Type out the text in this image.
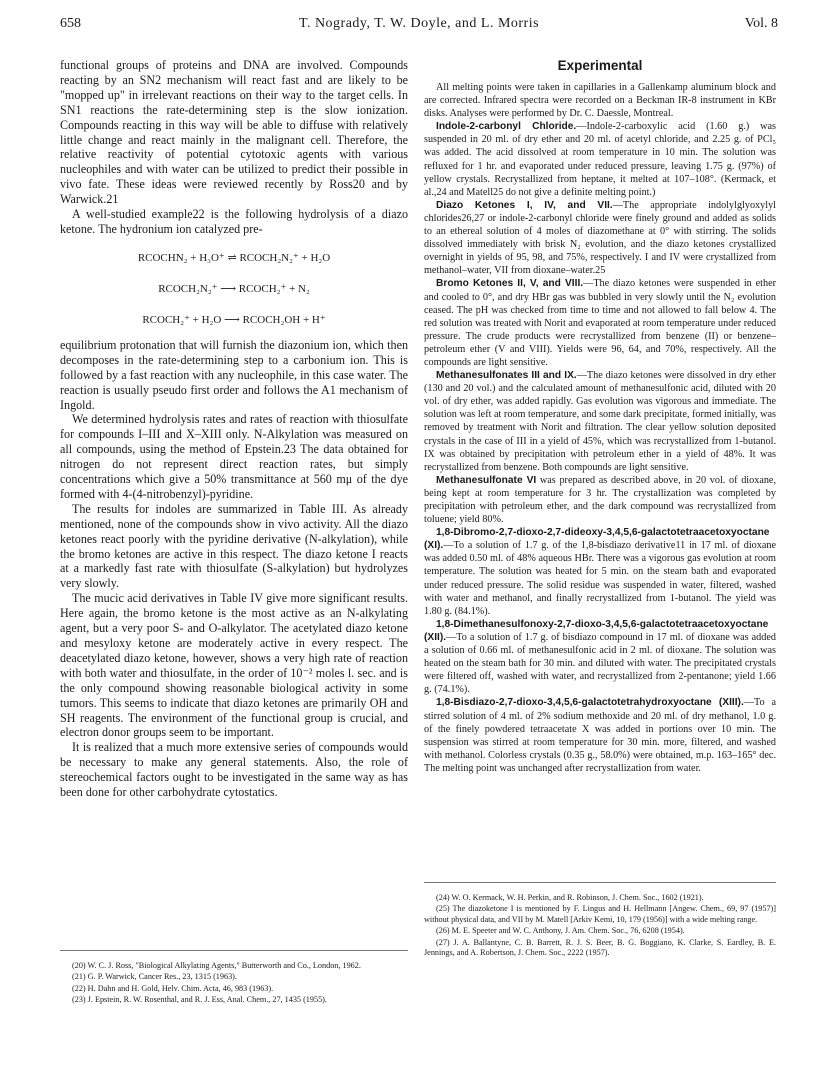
658	T. Nogrady, T. W. Doyle, and L. Morris	Vol. 8

functional groups of proteins and DNA are involved. Compounds reacting by an SN2 mechanism will react fast and are likely to be "mopped up" in irrelevant reactions on their way to the target cells. In SN1 reactions the rate-determining step is the slow ionization. Compounds reacting in this way will be able to diffuse with relatively little change and react mainly in the malignant cell. Therefore, the relative reactivity of potential cytotoxic agents with various nucleophiles and with water can be utilized to predict their possible in vivo fate. These ideas were reviewed recently by Ross20 and by Warwick.21

A well-studied example22 is the following hydrolysis of a diazo ketone. The hydronium ion catalyzed pre-

RCOCHN₂ + H₃O⁺ ⇌ RCOCH₂N₂⁺ + H₂O
RCOCH₂N₂⁺ ⟶ RCOCH₂⁺ + N₂
RCOCH₂⁺ + H₂O ⟶ RCOCH₂OH + H⁺

equilibrium protonation that will furnish the diazonium ion, which then decomposes in the rate-determining step to a carbonium ion. This is followed by a fast reaction with any nucleophile, in this case water. The reaction is usually pseudo first order and follows the A1 mechanism of Ingold.

We determined hydrolysis rates and rates of reaction with thiosulfate for compounds I–III and X–XIII only. N-Alkylation was measured on all compounds, using the method of Epstein.23 The data obtained for nitrogen do not represent direct reaction rates, but simply concentrations which give a 50% transmittance at 560 mμ of the dye formed with 4-(4-nitrobenzyl)-pyridine.

The results for indoles are summarized in Table III. As already mentioned, none of the compounds show in vivo activity. All the diazo ketones react poorly with the pyridine derivative (N-alkylation), while the bromo ketones are active in this respect. The diazo ketone I reacts at a markedly fast rate with thiosulfate (S-alkylation) but hydrolyzes very slowly.

The mucic acid derivatives in Table IV give more significant results. Here again, the bromo ketone is the most active as an N-alkylating agent, but a very poor S- and O-alkylator. The acetylated diazo ketone and mesyloxy ketone are moderately active in every respect. The deacetylated diazo ketone, however, shows a very high rate of reaction with both water and thiosulfate, in the order of 10⁻² moles l. sec. and is the only compound showing reasonable biological activity in some tumors. This seems to indicate that diazo ketones are primarily OH and SH reagents. The environment of the functional group is crucial, and electron donor groups seem to be important.

It is realized that a much more extensive series of compounds would be necessary to make any general statements. Also, the role of stereochemical factors ought to be investigated in the same way as has been done for other carbohydrate cytostatics.

(20) W. C. J. Ross, "Biological Alkylating Agents," Butterworth and Co., London, 1962.

(21) G. P. Warwick, Cancer Res., 23, 1315 (1963).

(22) H. Dahn and H. Gold, Helv. Chim. Acta, 46, 983 (1963).

(23) J. Epstein, R. W. Rosenthal, and R. J. Ess, Anal. Chem., 27, 1435 (1955).

Experimental

All melting points were taken in capillaries in a Gallenkamp aluminum block and are corrected. Infrared spectra were recorded on a Beckman IR-8 instrument in KBr disks. Analyses were performed by Dr. C. Daessle, Montreal.

Indole-2-carbonyl Chloride.—Indole-2-carboxylic acid (1.60 g.) was suspended in 20 ml. of dry ether and 20 ml. of acetyl chloride, and 2.25 g. of PCl₅ was added. The acid dissolved at room temperature in 10 min. The solution was refluxed for 1 hr. and evaporated under reduced pressure, leaving 1.75 g. (97%) of yellow crystals. Recrystallized from heptane, it melted at 107–108°. (Kermack, et al.,24 and Matell25 do not give a definite melting point.)

Diazo Ketones I, IV, and VII.—The appropriate indolylglyoxylyl chlorides26,27 or indole-2-carbonyl chloride were finely ground and added as solids to an ethereal solution of 4 moles of diazomethane at 0° with stirring. The solids dissolved immediately with brisk N₂ evolution, and the diazo ketones crystallized overnight in yields of 95, 98, and 75%, respectively. I and IV were crystallized from methanol–water, VII from dioxane–water.25

Bromo Ketones II, V, and VIII.—The diazo ketones were suspended in ether and cooled to 0°, and dry HBr gas was bubbled in very slowly until the N₂ evolution ceased. The pH was checked from time to time and not allowed to fall below 4. The red solution was treated with Norit and evaporated at room temperature under reduced pressure. The crude products were recrystallized from benzene (II) or benzene–petroleum ether (V and VIII). Yields were 96, 64, and 70%, respectively. All the compounds are light sensitive.

Methanesulfonates III and IX.—The diazo ketones were dissolved in dry ether (130 and 20 vol.) and the calculated amount of methanesulfonic acid, diluted with 20 vol. of dry ether, was added rapidly. Gas evolution was vigorous and immediate. The solution was left at room temperature, and some dark precipitate, formed initially, was removed by treatment with Norit and filtration. The clear yellow solution deposited crystals in the case of III in a yield of 45%, which was recrystallized from 1-butanol. IX was obtained by precipitation with petroleum ether in a yield of 48%. It was recrystallized from benzene. Both compounds are light sensitive.

Methanesulfonate VI was prepared as described above, in 20 vol. of dioxane, being kept at room temperature for 3 hr. The crystallization was completed by precipitation with petroleum ether, and the dark compound was recrystallized from toluene; yield 80%.

1,8-Dibromo-2,7-dioxo-2,7-dideoxy-3,4,5,6-galactotetraacetoxyoctane (XI).—To a solution of 1.7 g. of the 1,8-bisdiazo derivative11 in 17 ml. of dioxane was added 0.50 ml. of 48% aqueous HBr. There was a vigorous gas evolution at room temperature. The solution was heated for 5 min. on the steam bath and evaporated under reduced pressure. The solid residue was suspended in water, filtered, washed with water and methanol, and finally recrystallized from 1-butanol. The yield was 1.80 g. (84.1%).

1,8-Dimethanesulfonoxy-2,7-dioxo-3,4,5,6-galactotetraacetoxyoctane (XII).—To a solution of 1.7 g. of bisdiazo compound in 17 ml. of dioxane was added a solution of 0.66 ml. of methanesulfonic acid in 2 ml. of dioxane. The solution was heated on the steam bath for 30 min. and diluted with water. The precipitated crystals were filtered off, washed with water, and recrystallized from 2-pentanone; yield 1.66 g. (74.1%).

1,8-Bisdiazo-2,7-dioxo-3,4,5,6-galactotetrahydroxyoctane (XIII).—To a stirred solution of 4 ml. of 2% sodium methoxide and 20 ml. of dry methanol, 1.0 g. of the finely powdered tetraacetate X was added in portions over 10 min. The suspension was stirred at room temperature for 30 min. more, filtered, and washed with methanol. Colorless crystals (0.35 g., 58.0%) were obtained, m.p. 163–165° dec. The melting point was unchanged after recrystallization from water.

(24) W. O. Kermack, W. H. Perkin, and R. Robinson, J. Chem. Soc., 1602 (1921).

(25) The diazoketone I is mentioned by F. Lingus and H. Hellmann [Angew. Chem., 69, 97 (1957)] without physical data, and VII by M. Matell [Arkiv Kemi, 10, 179 (1956)] with a wide melting range.

(26) M. E. Speeter and W. C. Anthony, J. Am. Chem. Soc., 76, 6208 (1954).

(27) J. A. Ballantyne, C. B. Barrett, R. J. S. Beer, B. G. Boggiano, K. Clarke, S. Eardley, B. E. Jennings, and A. Robertson, J. Chem. Soc., 2222 (1957).
